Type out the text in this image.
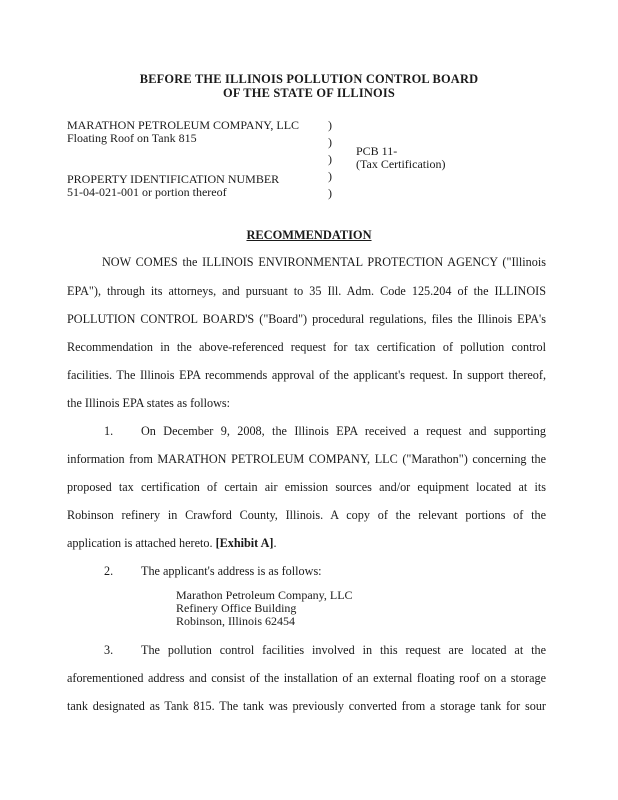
BEFORE THE ILLINOIS POLLUTION CONTROL BOARD
OF THE STATE OF ILLINOIS
MARATHON PETROLEUM COMPANY, LLC
Floating Roof on Tank 815
PROPERTY IDENTIFICATION NUMBER
51-04-021-001 or portion thereof
)
)
)
)
)
PCB 11-
(Tax Certification)
RECOMMENDATION
NOW COMES the ILLINOIS ENVIRONMENTAL PROTECTION AGENCY ("Illinois
EPA"), through its attorneys, and pursuant to 35 Ill. Adm. Code 125.204 of the ILLINOIS
POLLUTION CONTROL BOARD'S ("Board") procedural regulations, files the Illinois EPA's
Recommendation in the above-referenced request for tax certification of pollution control
facilities. The Illinois EPA recommends approval of the applicant's request. In support thereof,
the Illinois EPA states as follows:
1. On December 9, 2008, the Illinois EPA received a request and supporting
information from MARATHON PETROLEUM COMPANY, LLC ("Marathon") concerning the
proposed tax certification of certain air emission sources and/or equipment located at its
Robinson refinery in Crawford County, Illinois. A copy of the relevant portions of the
application is attached hereto. [Exhibit A].
2. The applicant's address is as follows:
Marathon Petroleum Company, LLC
Refinery Office Building
Robinson, Illinois 62454
3. The pollution control facilities involved in this request are located at the
aforementioned address and consist of the installation of an external floating roof on a storage
tank designated as Tank 815. The tank was previously converted from a storage tank for sour
